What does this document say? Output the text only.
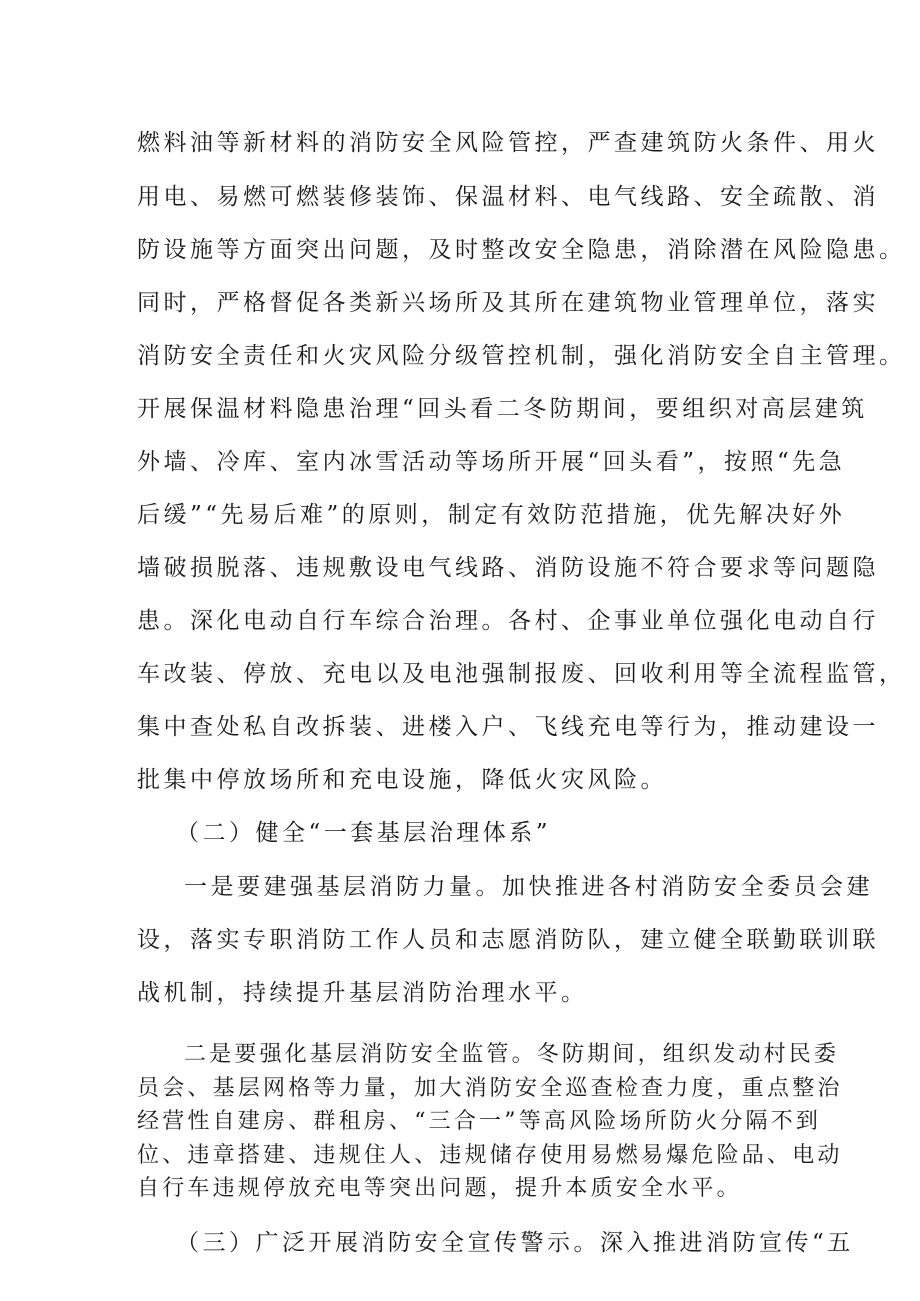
燃料油等新材料的消防安全风险管控，严查建筑防火条件、用火
用电、易燃可燃装修装饰、保温材料、电气线路、安全疏散、消
防设施等方面突出问题，及时整改安全隐患，消除潜在风险隐患。
同时，严格督促各类新兴场所及其所在建筑物业管理单位，落实
消防安全责任和火灾风险分级管控机制，强化消防安全自主管理。
开展保温材料隐患治理“回头看二冬防期间，要组织对高层建筑
外墙、冷库、室内冰雪活动等场所开展“回头看”，按照“先急
后缓”“先易后难”的原则，制定有效防范措施，优先解决好外
墙破损脱落、违规敷设电气线路、消防设施不符合要求等问题隐
患。深化电动自行车综合治理。各村、企事业单位强化电动自行
车改装、停放、充电以及电池强制报废、回收利用等全流程监管，
集中查处私自改拆装、进楼入户、飞线充电等行为，推动建设一
批集中停放场所和充电设施，降低火灾风险。
（二）健全“一套基层治理体系”
一是要建强基层消防力量。加快推进各村消防安全委员会建
设，落实专职消防工作人员和志愿消防队，建立健全联勤联训联
战机制，持续提升基层消防治理水平。
二是要强化基层消防安全监管。冬防期间，组织发动村民委
员会、基层网格等力量，加大消防安全巡查检查力度，重点整治
经营性自建房、群租房、“三合一”等高风险场所防火分隔不到
位、违章搭建、违规住人、违规储存使用易燃易爆危险品、电动
自行车违规停放充电等突出问题，提升本质安全水平。
（三）广泛开展消防安全宣传警示。深入推进消防宣传“五
